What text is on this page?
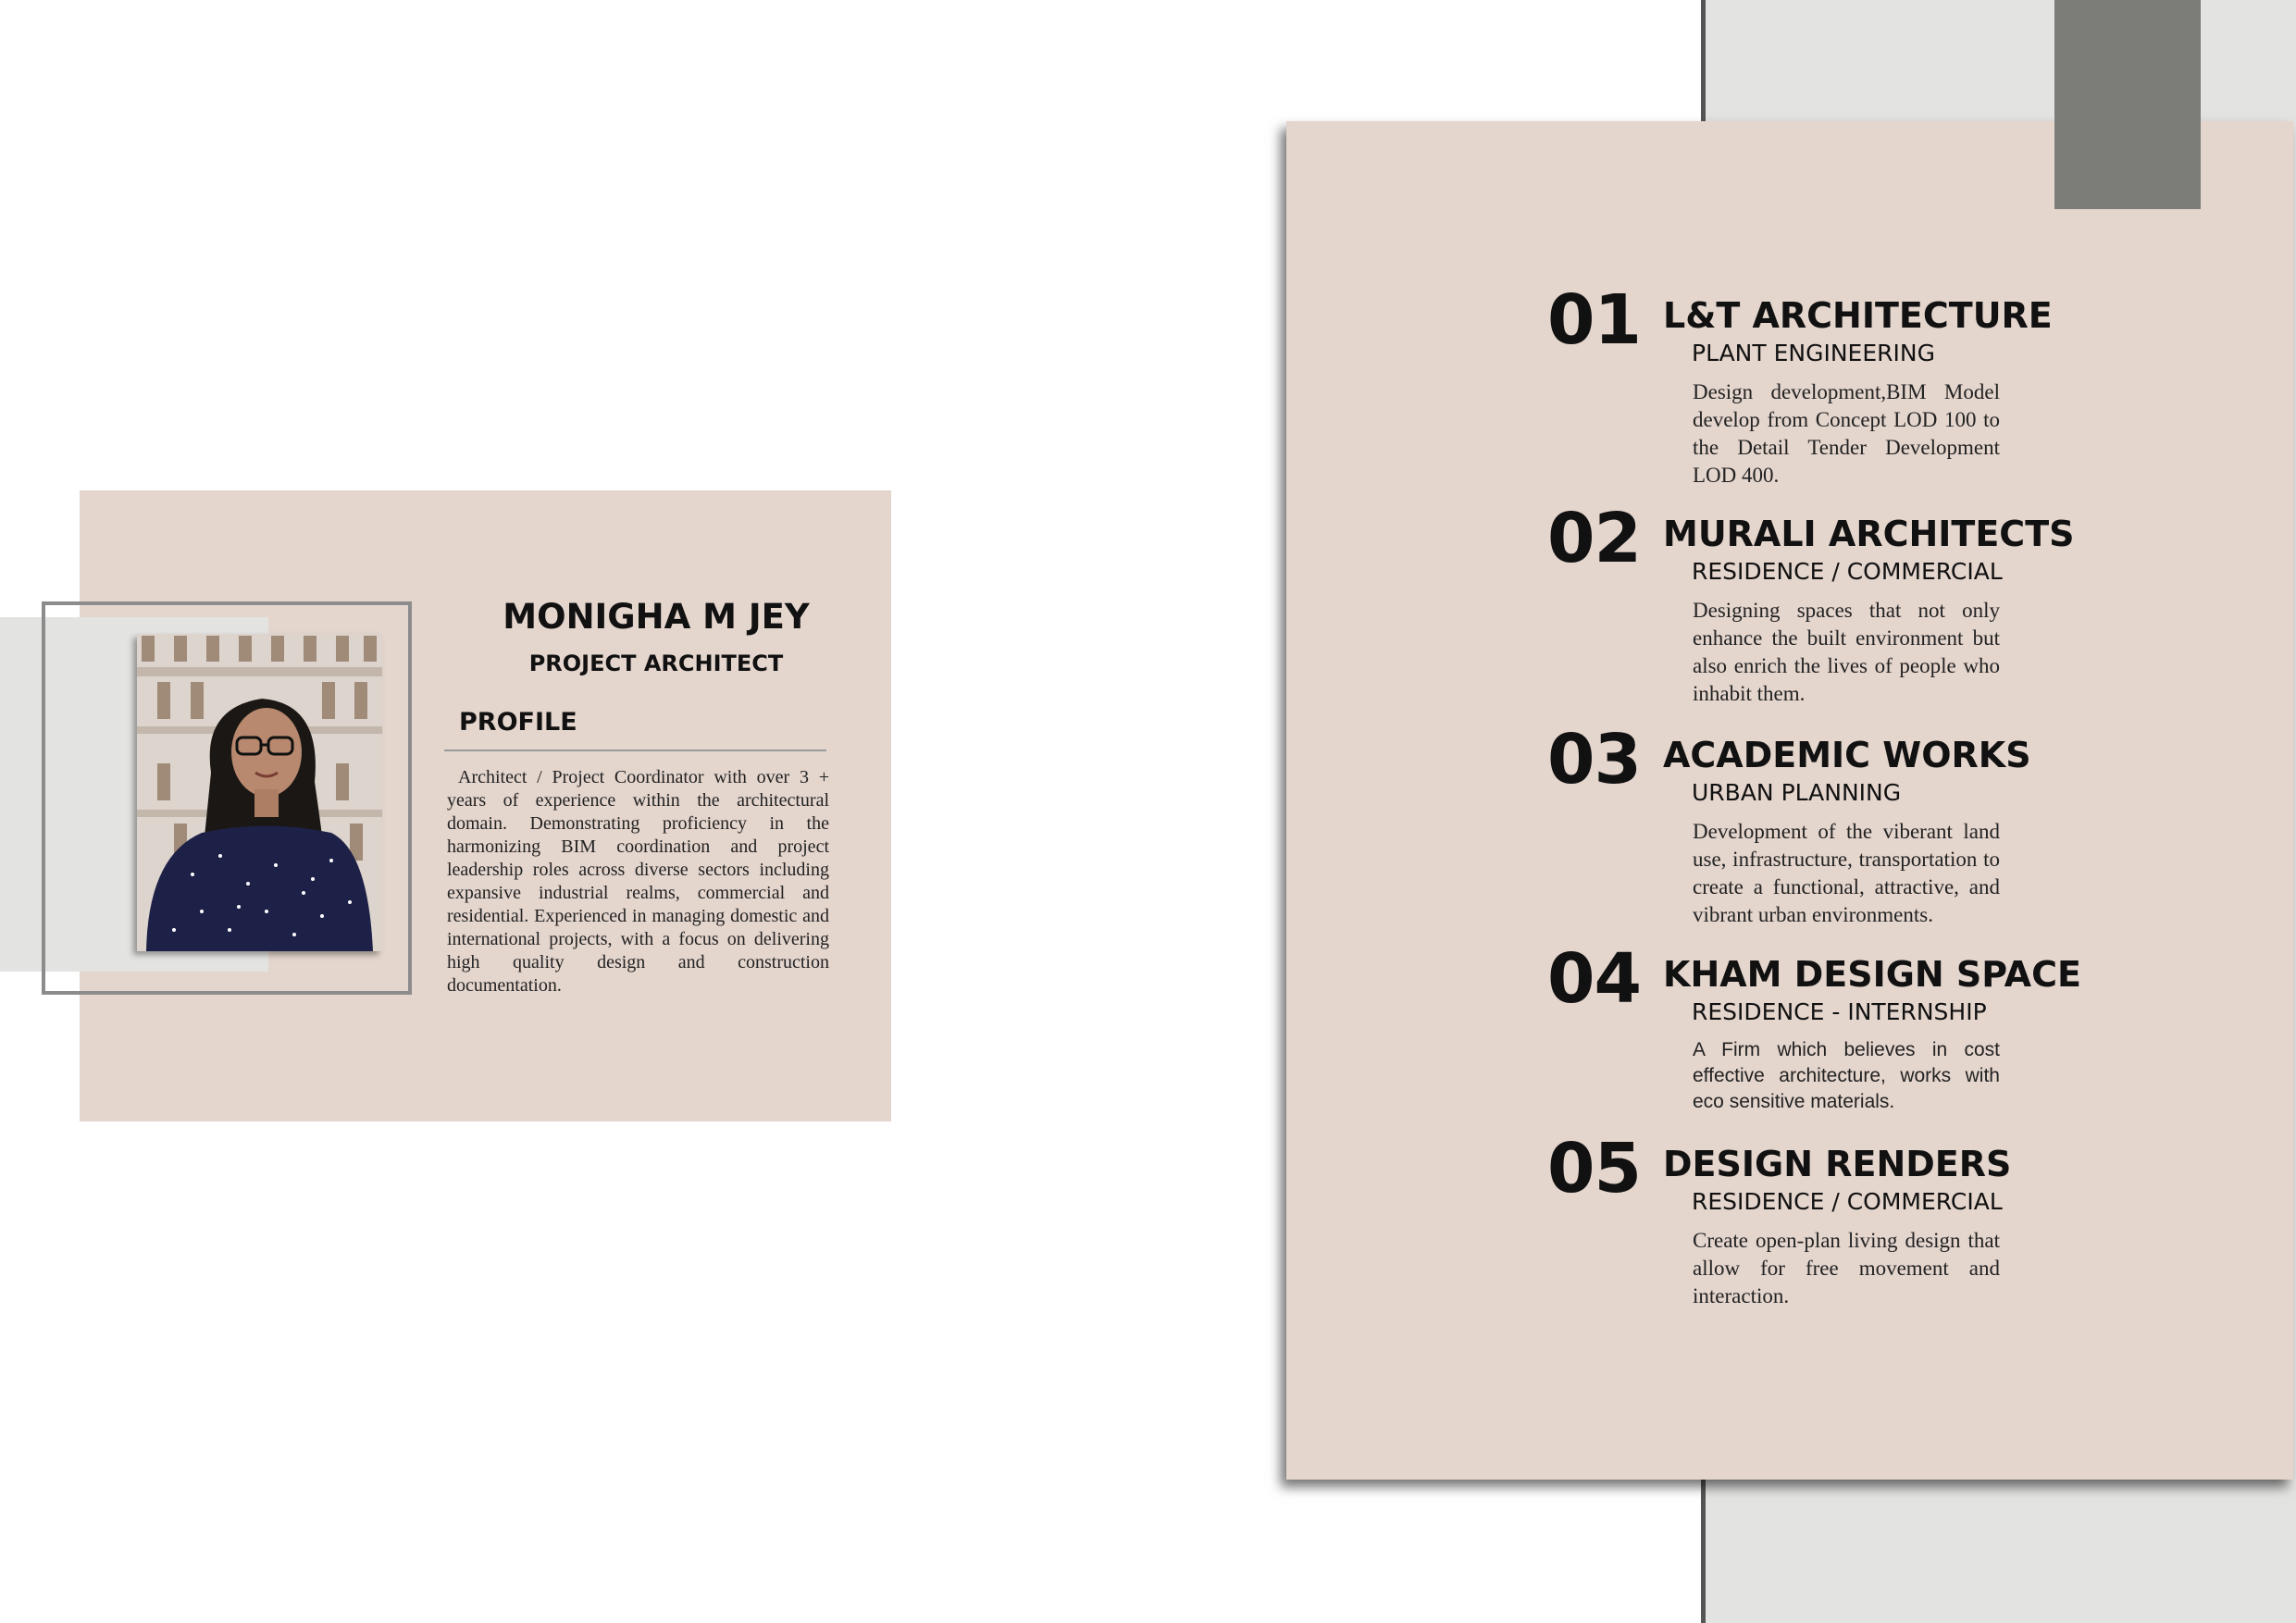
01 L&T ARCHITECTURE
PLANT ENGINEERING
Design development,BIM Model develop from Concept LOD 100 to the Detail Tender Development LOD 400.
02 MURALI ARCHITECTS
RESIDENCE / COMMERCIAL
Designing spaces that not only enhance the built environment but also enrich the lives of people who inhabit them.
03 ACADEMIC WORKS
URBAN PLANNING
Development of the viberant land use, infrastructure, transportation to create a functional, attractive, and vibrant urban environments.
04 KHAM DESIGN SPACE
RESIDENCE - INTERNSHIP
A Firm which believes in cost effective architecture, works with eco sensitive materials.
05 DESIGN RENDERS
RESIDENCE / COMMERCIAL
Create open-plan living design that allow for free movement and interaction.
MONIGHA M JEY
PROJECT ARCHITECT
PROFILE
Architect / Project Coordinator with over 3 + years of experience within the architectural domain. Demonstrating proficiency in the harmonizing BIM coordination and project leadership roles across diverse sectors including expansive industrial realms, commercial and residential. Experienced in managing domestic and international projects, with a focus on delivering high quality design and construction documentation.
